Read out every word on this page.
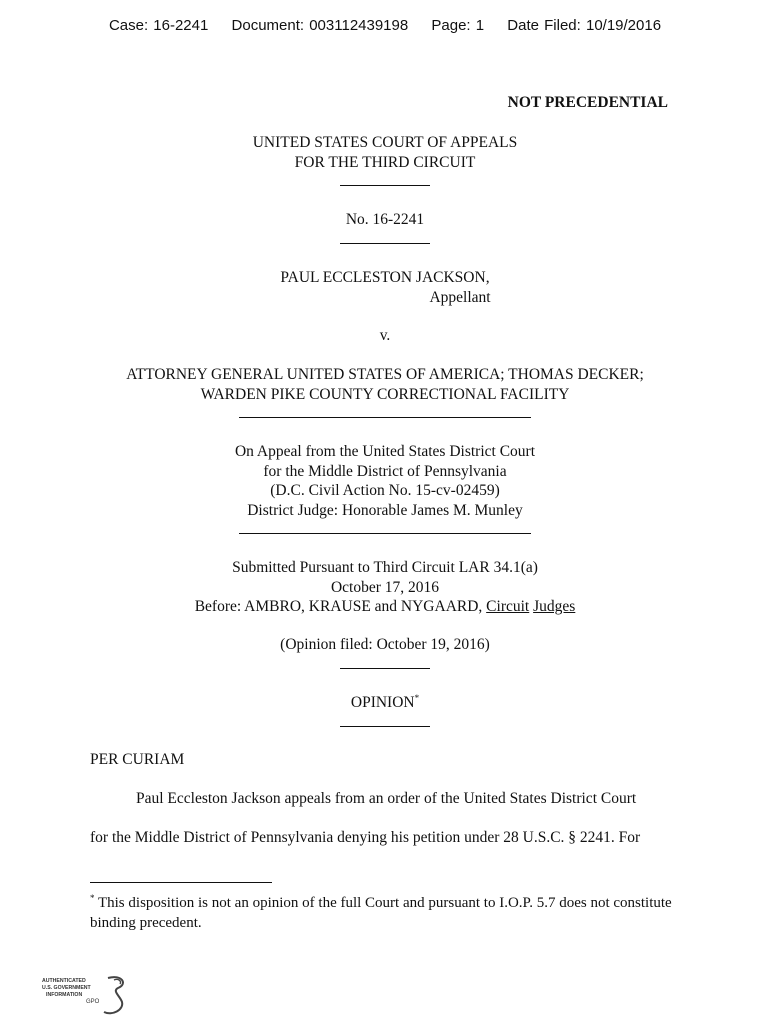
Case: 16-2241 Document: 003112439198 Page: 1 Date Filed: 10/19/2016
NOT PRECEDENTIAL
UNITED STATES COURT OF APPEALS
FOR THE THIRD CIRCUIT
No. 16-2241
PAUL ECCLESTON JACKSON,
Appellant
v.
ATTORNEY GENERAL UNITED STATES OF AMERICA; THOMAS DECKER;
WARDEN PIKE COUNTY CORRECTIONAL FACILITY
On Appeal from the United States District Court
for the Middle District of Pennsylvania
(D.C. Civil Action No. 15-cv-02459)
District Judge: Honorable James M. Munley
Submitted Pursuant to Third Circuit LAR 34.1(a)
October 17, 2016
Before: AMBRO, KRAUSE and NYGAARD, Circuit Judges
(Opinion filed: October 19, 2016)
OPINION*
PER CURIAM
Paul Eccleston Jackson appeals from an order of the United States District Court
for the Middle District of Pennsylvania denying his petition under 28 U.S.C. § 2241. For
* This disposition is not an opinion of the full Court and pursuant to I.O.P. 5.7 does not constitute binding precedent.
AUTHENTICATED
U.S. GOVERNMENT
INFORMATION
GPO
